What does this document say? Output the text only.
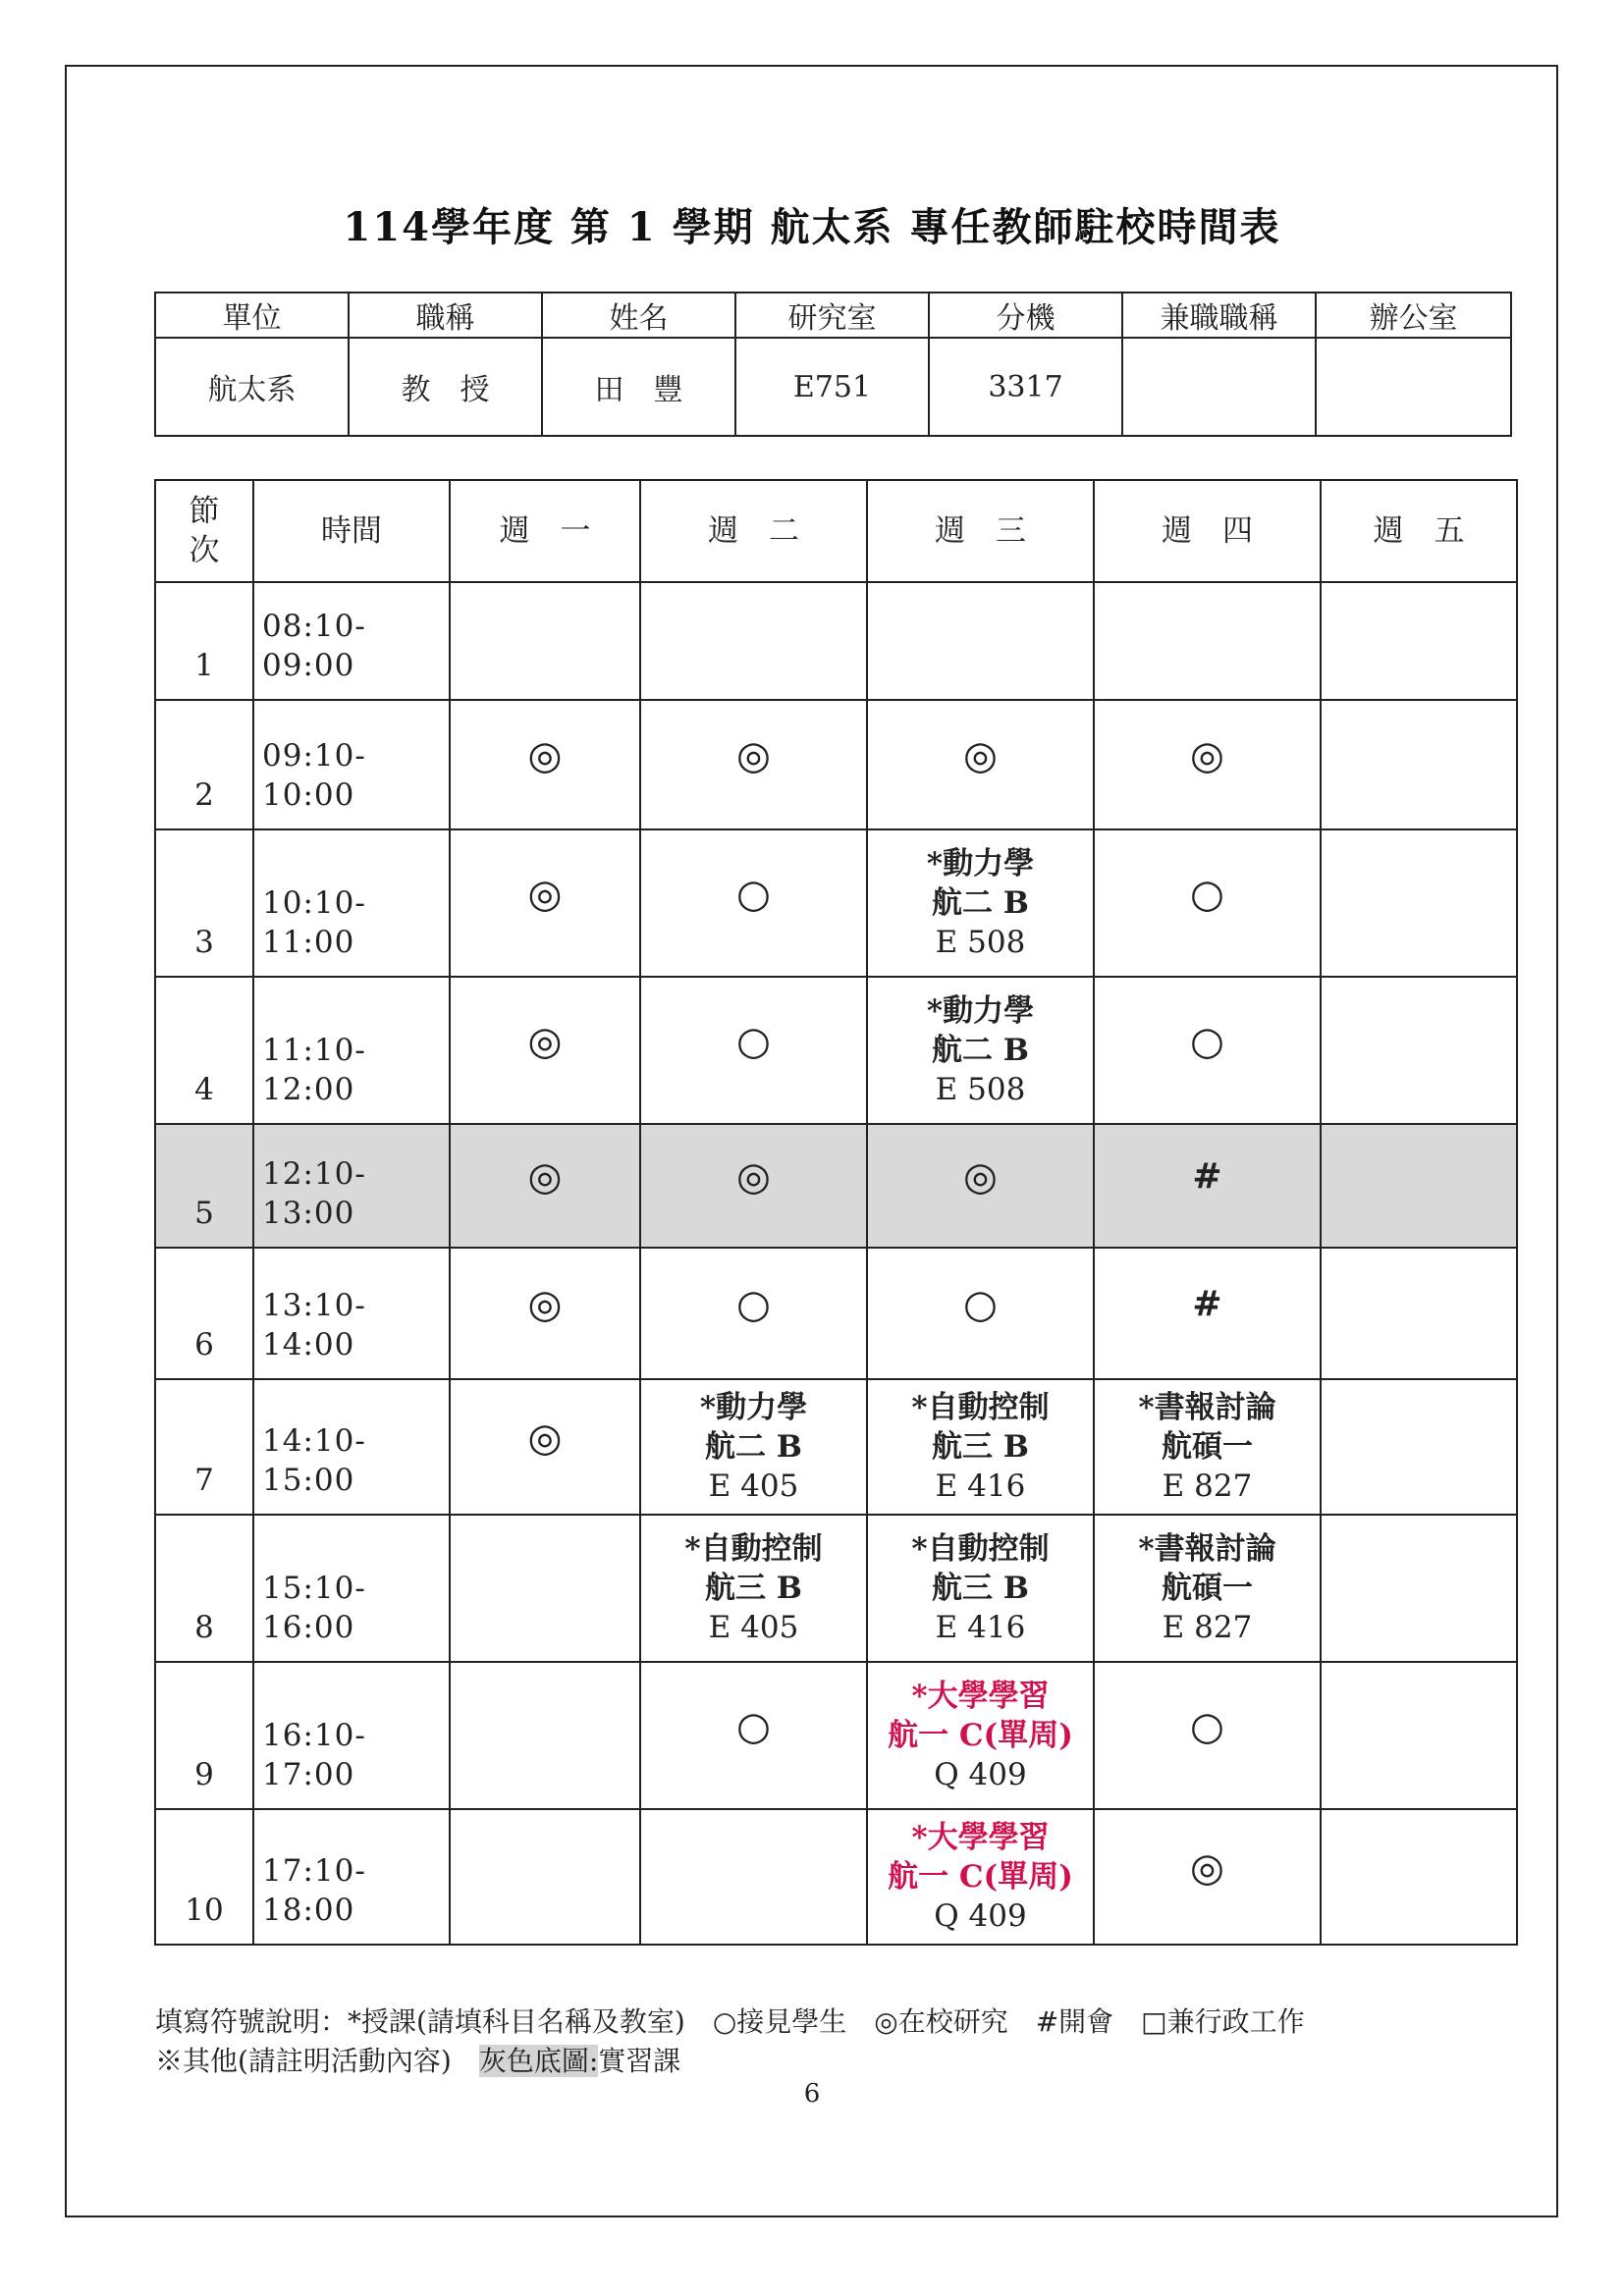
114學年度 第 1 學期 航太系 專任教師駐校時間表
單位	職稱	姓名	研究室	分機	兼職職稱	辦公室
航太系	教　授	田　豐	E751	3317		
節
次	時間	週　一	週　二	週　三	週　四	週　五
1	08:10-09:00					
2	09:10-10:00	◎	◎	◎	◎	
3	10:10-11:00	◎	○	*動力學
航二 B
E 508	○	
4	11:10-12:00	◎	○	*動力學
航二 B
E 508	○	
5	12:10-13:00	◎	◎	◎	#	
6	13:10-14:00	◎	○	○	#	
7	14:10-15:00	◎	*動力學
航二 B
E 405	*自動控制
航三 B
E 416	*書報討論
航碩一
E 827	

8	15:10-16:00		*自動控制
航三 B
E 405	*自動控制
航三 B
E 416	*書報討論
航碩一
E 827	

9	16:10-17:00		○	*大學學習
航一 C(單周)
Q 409	○	
10	17:10-18:00			*大學學習
航一 C(單周)
Q 409	◎	
填寫符號說明：*授課(請填科目名稱及教室)　○接見學生　◎在校研究　#開會　□兼行政工作
※其他(請註明活動內容)　灰色底圖:實習課
6
